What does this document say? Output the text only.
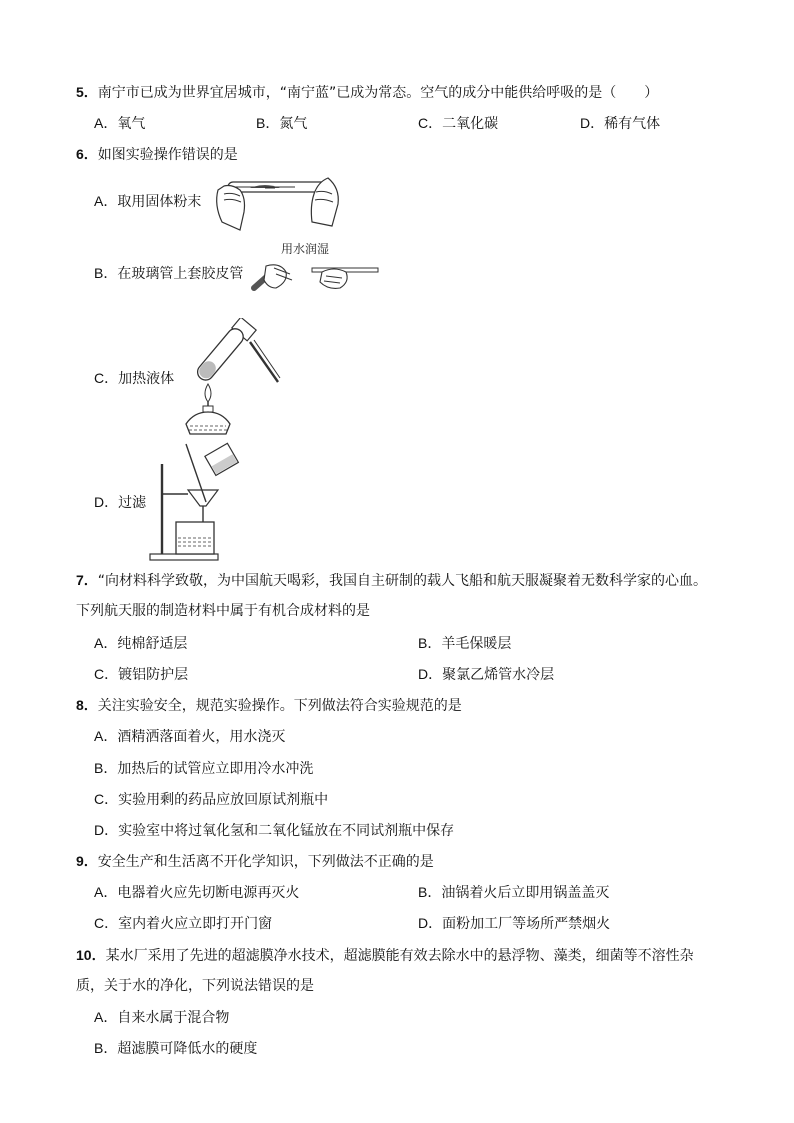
5．南宁市已成为世界宜居城市，“南宁蓝”已成为常态。空气的成分中能供给呼吸的是（　　）
A．氧气	B．氮气	C．二氧化碳	D．稀有气体
6．如图实验操作错误的是
A．取用固体粉末
用水润湿
B．在玻璃管上套胶皮管
C．加热液体
D．过滤
7．“向材料科学致敬，为中国航天喝彩，我国自主研制的载人飞船和航天服凝聚着无数科学家的心血。
下列航天服的制造材料中属于有机合成材料的是
A．纯棉舒适层	B．羊毛保暖层
C．镀铝防护层	D．聚氯乙烯管水冷层
8．关注实验安全，规范实验操作。下列做法符合实验规范的是
A．酒精洒落面着火，用水浇灭
B．加热后的试管应立即用冷水冲洗
C．实验用剩的药品应放回原试剂瓶中
D．实验室中将过氧化氢和二氧化锰放在不同试剂瓶中保存
9．安全生产和生活离不开化学知识，下列做法不正确的是
A．电器着火应先切断电源再灭火	B．油锅着火后立即用锅盖盖灭
C．室内着火应立即打开门窗	D．面粉加工厂等场所严禁烟火
10．某水厂采用了先进的超滤膜净水技术，超滤膜能有效去除水中的悬浮物、藻类，细菌等不溶性杂
质，关于水的净化，下列说法错误的是
A．自来水属于混合物
B．超滤膜可降低水的硬度
